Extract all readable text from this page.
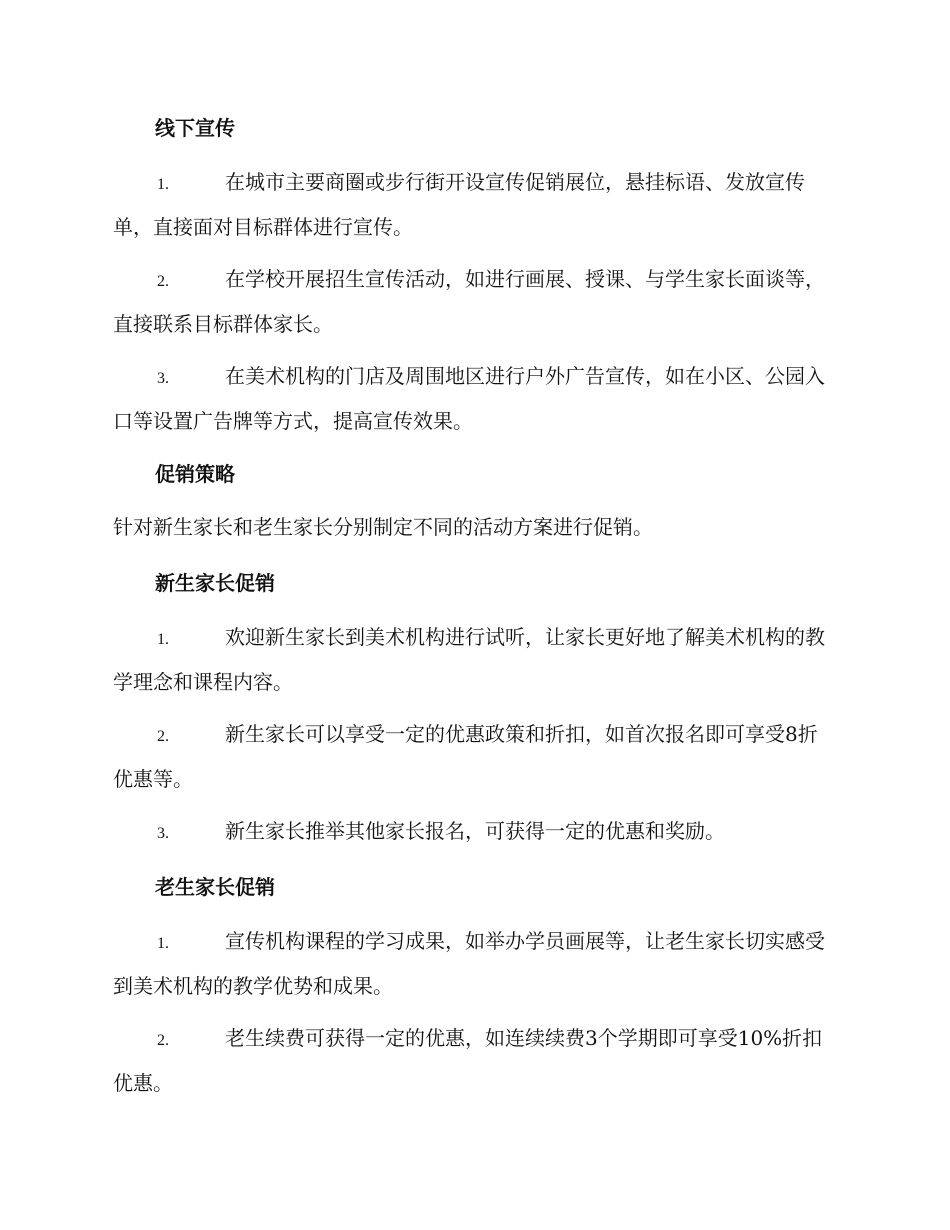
线下宣传

1.	在城市主要商圈或步行街开设宣传促销展位，悬挂标语、发放宣传单，直接面对目标群体进行宣传。

2.	在学校开展招生宣传活动，如进行画展、授课、与学生家长面谈等，直接联系目标群体家长。

3.	在美术机构的门店及周围地区进行户外广告宣传，如在小区、公园入口等设置广告牌等方式，提高宣传效果。

促销策略

针对新生家长和老生家长分别制定不同的活动方案进行促销。

新生家长促销

1.	欢迎新生家长到美术机构进行试听，让家长更好地了解美术机构的教学理念和课程内容。

2.	新生家长可以享受一定的优惠政策和折扣，如首次报名即可享受8折优惠等。

3.	新生家长推举其他家长报名，可获得一定的优惠和奖励。

老生家长促销

1.	宣传机构课程的学习成果，如举办学员画展等，让老生家长切实感受到美术机构的教学优势和成果。

2.	老生续费可获得一定的优惠，如连续续费3个学期即可享受10%折扣优惠。
